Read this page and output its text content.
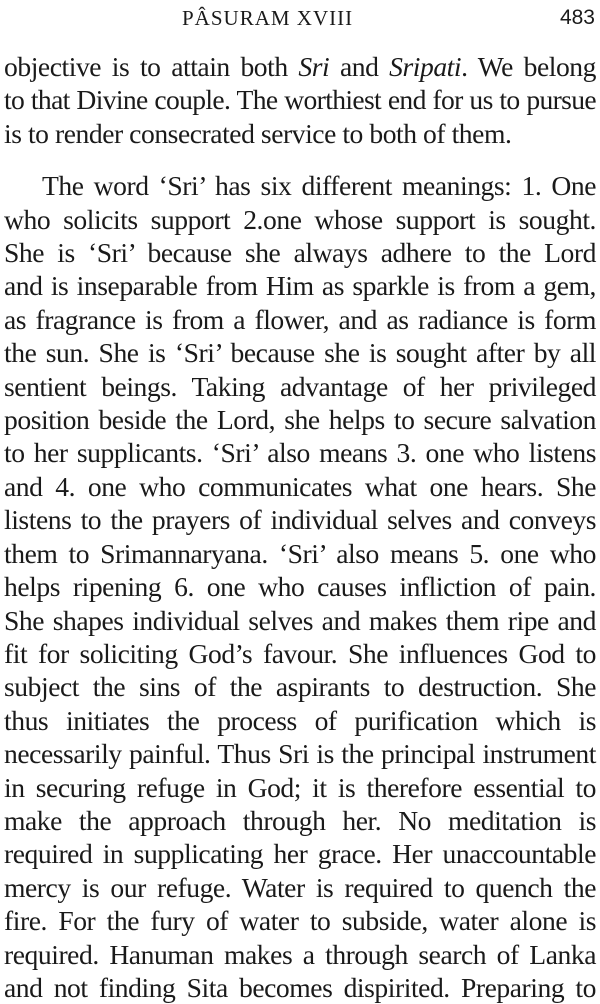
PÂSURAM XVIII	483
objective is to attain both Sri and Sripati. We belong
to that Divine couple. The worthiest end for us to pursue
is to render consecrated service to both of them.
The word ‘Sri’ has six different meanings: 1. One
who solicits support 2.one whose support is sought.
She is ‘Sri’ because she always adhere to the Lord
and is inseparable from Him as sparkle is from a gem,
as fragrance is from a flower, and as radiance is form
the sun. She is ‘Sri’ because she is sought after by all
sentient beings. Taking advantage of her privileged
position beside the Lord, she helps to secure salvation
to her supplicants. ‘Sri’ also means 3. one who listens
and 4. one who communicates what one hears. She
listens to the prayers of individual selves and conveys
them to Srimannaryana. ‘Sri’ also means 5. one who
helps ripening 6. one who causes infliction of pain.
She shapes individual selves and makes them ripe and
fit for soliciting God’s favour. She influences God to
subject the sins of the aspirants to destruction. She
thus initiates the process of purification which is
necessarily painful. Thus Sri is the principal instrument
in securing refuge in God; it is therefore essential to
make the approach through her. No meditation is
required in supplicating her grace. Her unaccountable
mercy is our refuge. Water is required to quench the
fire. For the fury of water to subside, water alone is
required. Hanuman makes a through search of Lanka
and not finding Sita becomes dispirited. Preparing to
